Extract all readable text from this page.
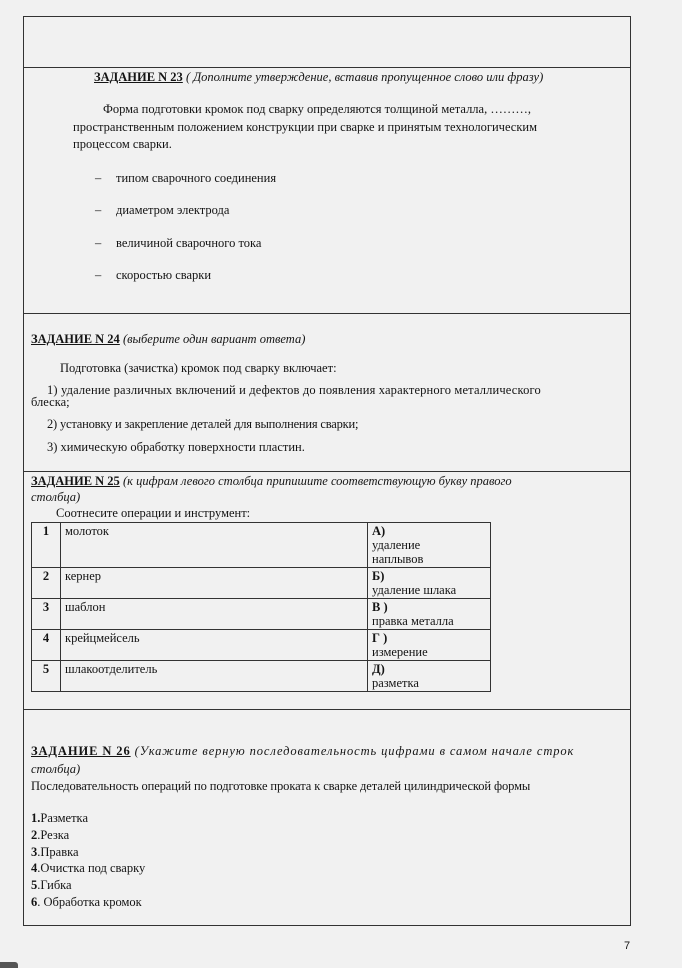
ЗАДАНИЕ N 23 ( Дополните утверждение, вставив пропущенное слово или фразу)
Форма подготовки кромок под сварку определяются толщиной металла, ………,
пространственным положением конструкции при сварке и принятым технологическим
процессом сварки.
– типом сварочного соединения
– диаметром электрода
– величиной сварочного тока
– скоростью сварки
ЗАДАНИЕ N 24 (выберите один вариант ответа)
Подготовка (зачистка) кромок под сварку включает:
1) удаление различных включений и дефектов до появления характерного металлического
блеска;
2) установку и закрепление деталей для выполнения сварки;
3) химическую обработку поверхности пластин.
ЗАДАНИЕ N 25 (к цифрам левого столбца припишите соответствующую букву правого
столбца)
Соотнесите операции и инструмент:
1	молоток	А)
удаление наплывов

2	кернер	Б)
удаление шлака
3	шаблон	В )
правка металла
4	крейцмейсель	Г )
измерение
5	шлакоотделитель	Д)
разметка
ЗАДАНИЕ N 26 (Укажите верную последовательность цифрами в самом начале строк
столбца)
Последовательность операций по подготовке проката к сварке деталей цилиндрической формы
1.Разметка
2.Резка
3.Правка
4.Очистка под сварку
5.Гибка
6. Обработка кромок
7
